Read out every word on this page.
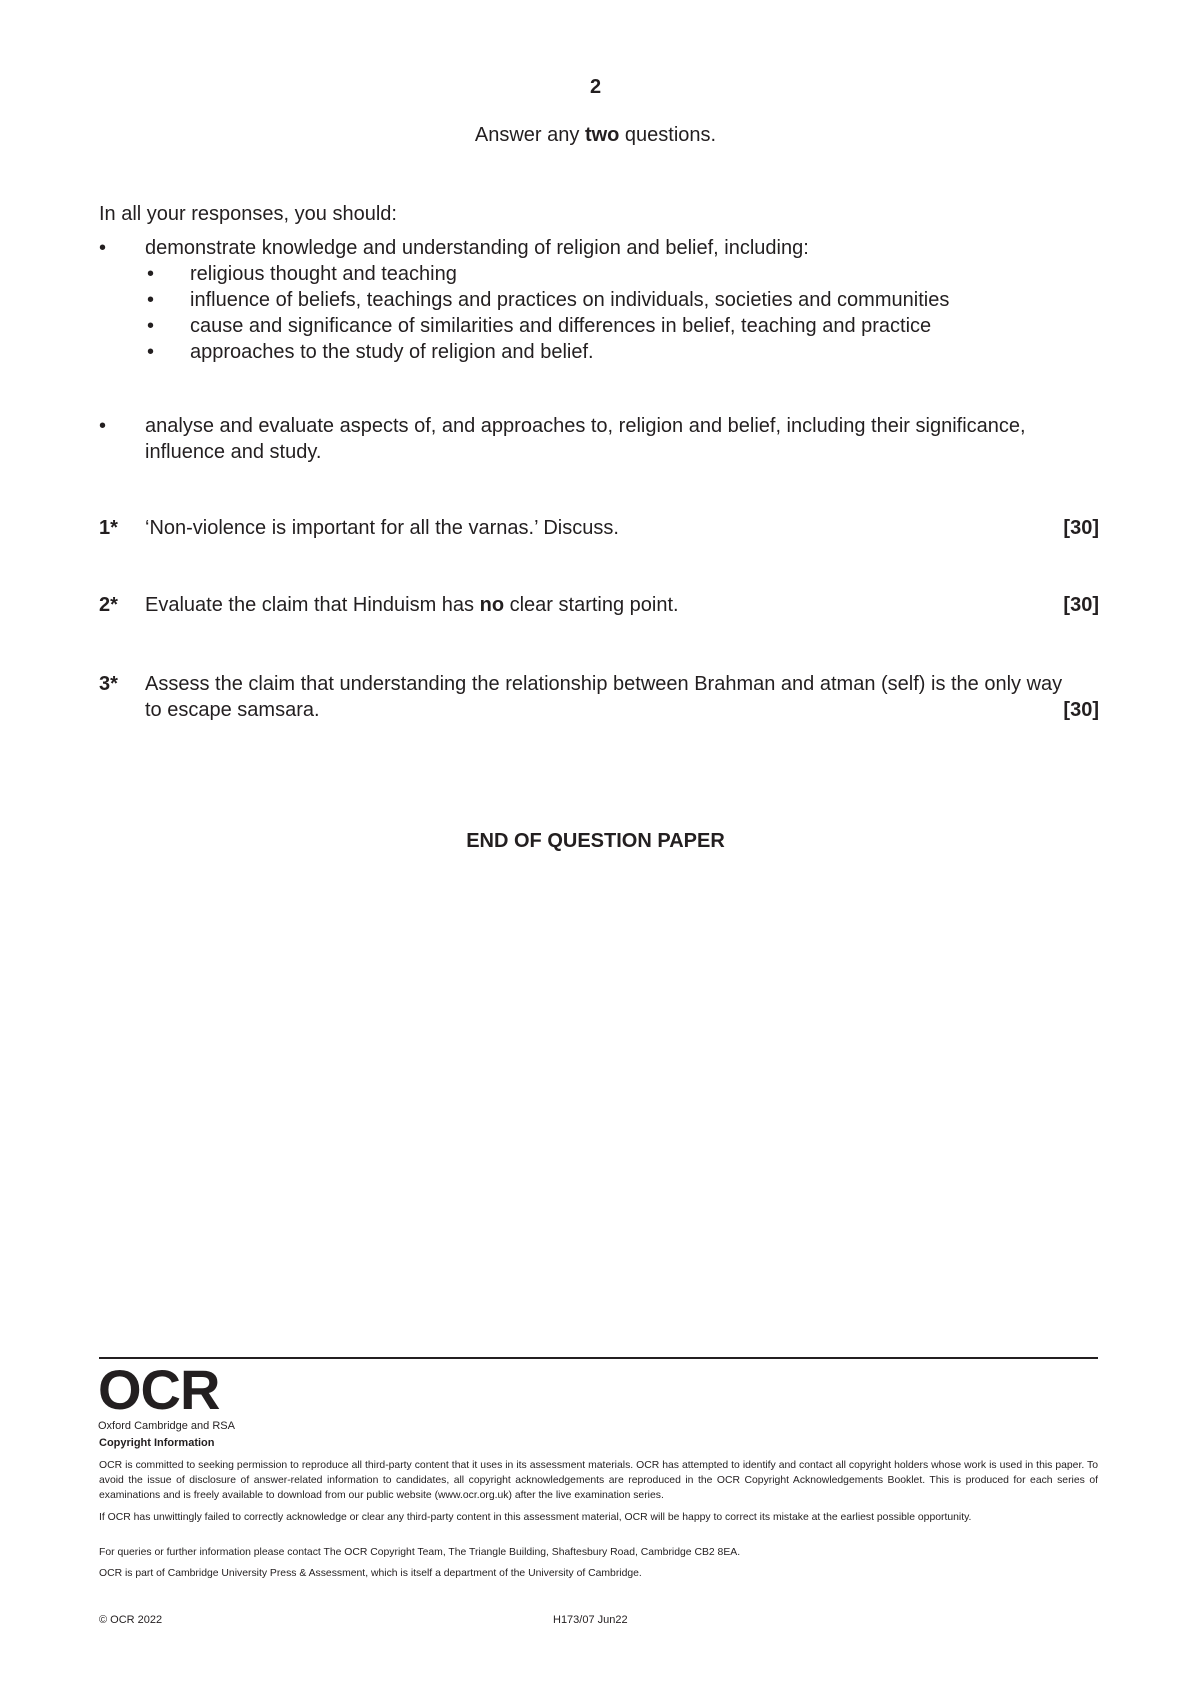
2
Answer any two questions.
In all your responses, you should:
• demonstrate knowledge and understanding of religion and belief, including:
• religious thought and teaching
• influence of beliefs, teachings and practices on individuals, societies and communities
• cause and significance of similarities and differences in belief, teaching and practice
• approaches to the study of religion and belief.
• analyse and evaluate aspects of, and approaches to, religion and belief, including their significance, influence and study.
1* ‘Non-violence is important for all the varnas.’ Discuss.	[30]
2* Evaluate the claim that Hinduism has no clear starting point.	[30]
3* Assess the claim that understanding the relationship between Brahman and atman (self) is the only way to escape samsara.	[30]
END OF QUESTION PAPER
OCR
Oxford Cambridge and RSA
Copyright Information
OCR is committed to seeking permission to reproduce all third-party content that it uses in its assessment materials. OCR has attempted to identify and contact all copyright holders whose work is used in this paper. To avoid the issue of disclosure of answer-related information to candidates, all copyright acknowledgements are reproduced in the OCR Copyright Acknowledgements Booklet. This is produced for each series of examinations and is freely available to download from our public website (www.ocr.org.uk) after the live examination series.
If OCR has unwittingly failed to correctly acknowledge or clear any third-party content in this assessment material, OCR will be happy to correct its mistake at the earliest possible opportunity.
For queries or further information please contact The OCR Copyright Team, The Triangle Building, Shaftesbury Road, Cambridge CB2 8EA.
OCR is part of Cambridge University Press & Assessment, which is itself a department of the University of Cambridge.
© OCR 2022	H173/07 Jun22
